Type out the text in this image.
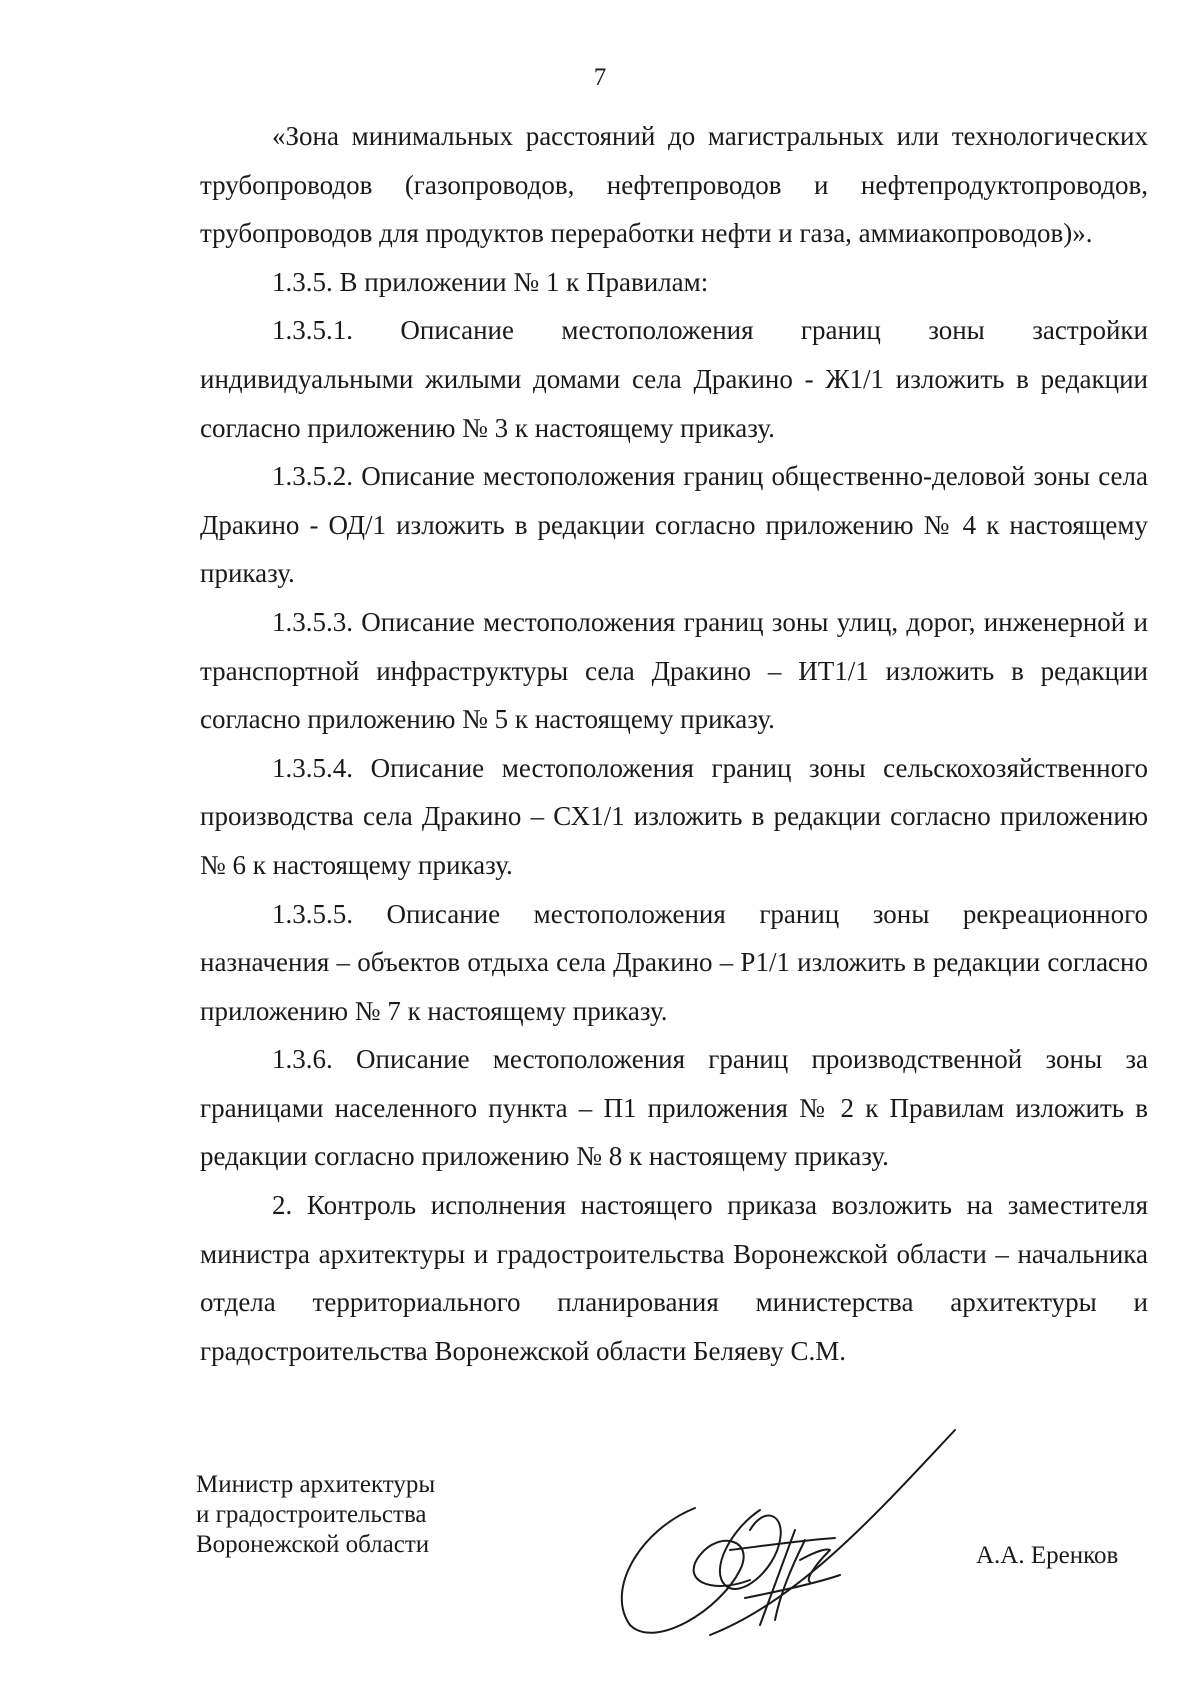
7

«Зона минимальных расстояний до магистральных или технологических трубопроводов (газопроводов, нефтепроводов и нефтепродуктопроводов, трубопроводов для продуктов переработки нефти и газа, аммиакопроводов)».

1.3.5. В приложении № 1 к Правилам:

1.3.5.1. Описание местоположения границ зоны застройки индивидуальными жилыми домами села Дракино - Ж1/1 изложить в редакции согласно приложению № 3 к настоящему приказу.

1.3.5.2. Описание местоположения границ общественно-деловой зоны села Дракино - ОД/1 изложить в редакции согласно приложению № 4 к настоящему приказу.

1.3.5.3. Описание местоположения границ зоны улиц, дорог, инженерной и транспортной инфраструктуры села Дракино – ИТ1/1 изложить в редакции согласно приложению № 5 к настоящему приказу.

1.3.5.4. Описание местоположения границ зоны сельскохозяйственного производства села Дракино – СХ1/1 изложить в редакции согласно приложению № 6 к настоящему приказу.

1.3.5.5. Описание местоположения границ зоны рекреационного назначения – объектов отдыха села Дракино – Р1/1 изложить в редакции согласно приложению № 7 к настоящему приказу.

1.3.6. Описание местоположения границ производственной зоны за границами населенного пункта – П1 приложения № 2 к Правилам изложить в редакции согласно приложению № 8 к настоящему приказу.

2. Контроль исполнения настоящего приказа возложить на заместителя министра архитектуры и градостроительства Воронежской области – начальника отдела территориального планирования министерства архитектуры и градостроительства Воронежской области Беляеву С.М.

Министр архитектуры
и градостроительства
Воронежской области	А.А. Еренков
